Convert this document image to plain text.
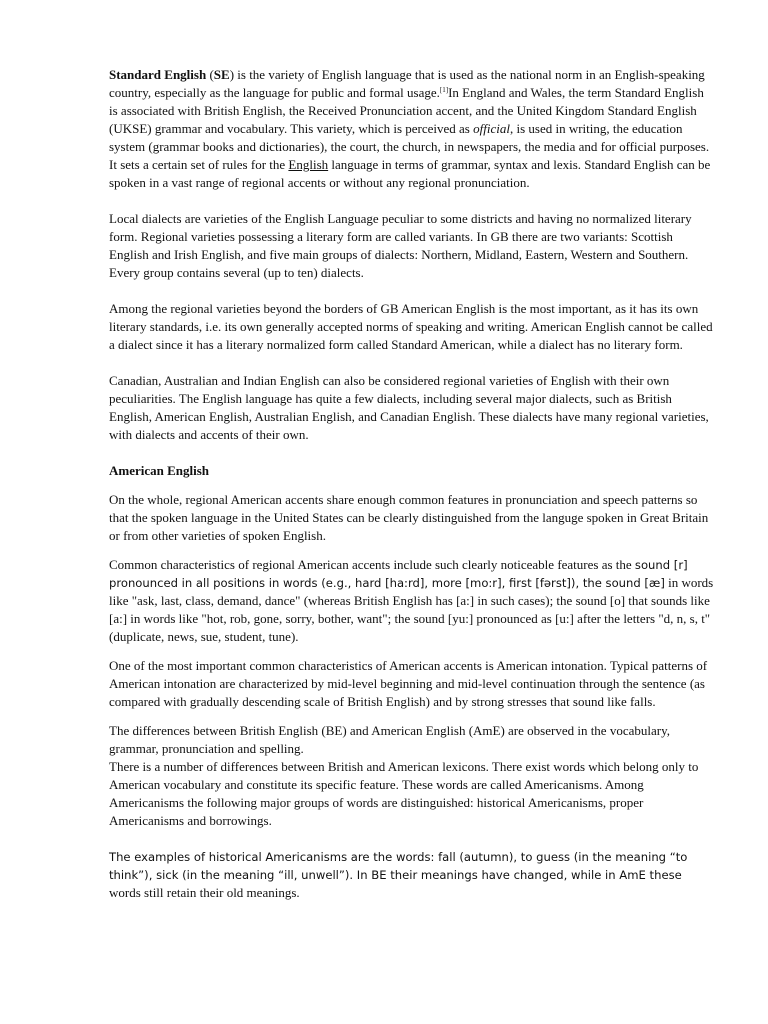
Standard English (SE) is the variety of English language that is used as the national norm in an English-speaking country, especially as the language for public and formal usage.[1]In England and Wales, the term Standard English is associated with British English, the Received Pronunciation accent, and the United Kingdom Standard English (UKSE) grammar and vocabulary. This variety, which is perceived as official, is used in writing, the education system (grammar books and dictionaries), the court, the church, in newspapers, the media and for official purposes. It sets a certain set of rules for the English language in terms of grammar, syntax and lexis. Standard English can be spoken in a vast range of regional accents or without any regional pronunciation.

Local dialects are varieties of the English Language peculiar to some districts and having no normalized literary form. Regional varieties possessing a literary form are called variants. In GB there are two variants: Scottish English and Irish English, and five main groups of dialects: Northern, Midland, Eastern, Western and Southern. Every group contains several (up to ten) dialects.

Among the regional varieties beyond the borders of GB American English is the most important, as it has its own literary standards, i.e. its own generally accepted norms of speaking and writing. American English cannot be called a dialect since it has a literary normalized form called Standard American, while a dialect has no literary form.

Canadian, Australian and Indian English can also be considered regional varieties of English with their own peculiarities. The English language has quite a few dialects, including several major dialects, such as British English, American English, Australian English, and Canadian English. These dialects have many regional varieties, with dialects and accents of their own.

American English

On the whole, regional American accents share enough common features in pronunciation and speech patterns so that the spoken language in the United States can be clearly distinguished from the languge spoken in Great Britain or from other varieties of spoken English.

Common characteristics of regional American accents include such clearly noticeable features as the sound [r] pronounced in all positions in words (e.g., hard [ha:rd], more [mo:r], first [fərst]), the sound [æ] in words like "ask, last, class, demand, dance" (whereas British English has [a:] in such cases); the sound [o] that sounds like [a:] in words like "hot, rob, gone, sorry, bother, want"; the sound [yu:] pronounced as [u:] after the letters "d, n, s, t" (duplicate, news, sue, student, tune).

One of the most important common characteristics of American accents is American intonation. Typical patterns of American intonation are characterized by mid-level beginning and mid-level continuation through the sentence (as compared with gradually descending scale of British English) and by strong stresses that sound like falls.

The differences between British English (BE) and American English (AmE) are observed in the vocabulary, grammar, pronunciation and spelling.

There is a number of differences between British and American lexicons. There exist words which belong only to American vocabulary and constitute its specific feature. These words are called Americanisms. Among Americanisms the following major groups of words are distinguished: historical Americanisms, proper Americanisms and borrowings.

The examples of historical Americanisms are the words: fall (autumn), to guess (in the meaning “to think”), sick (in the meaning “ill, unwell”). In BE their meanings have changed, while in AmE these words still retain their old meanings.
